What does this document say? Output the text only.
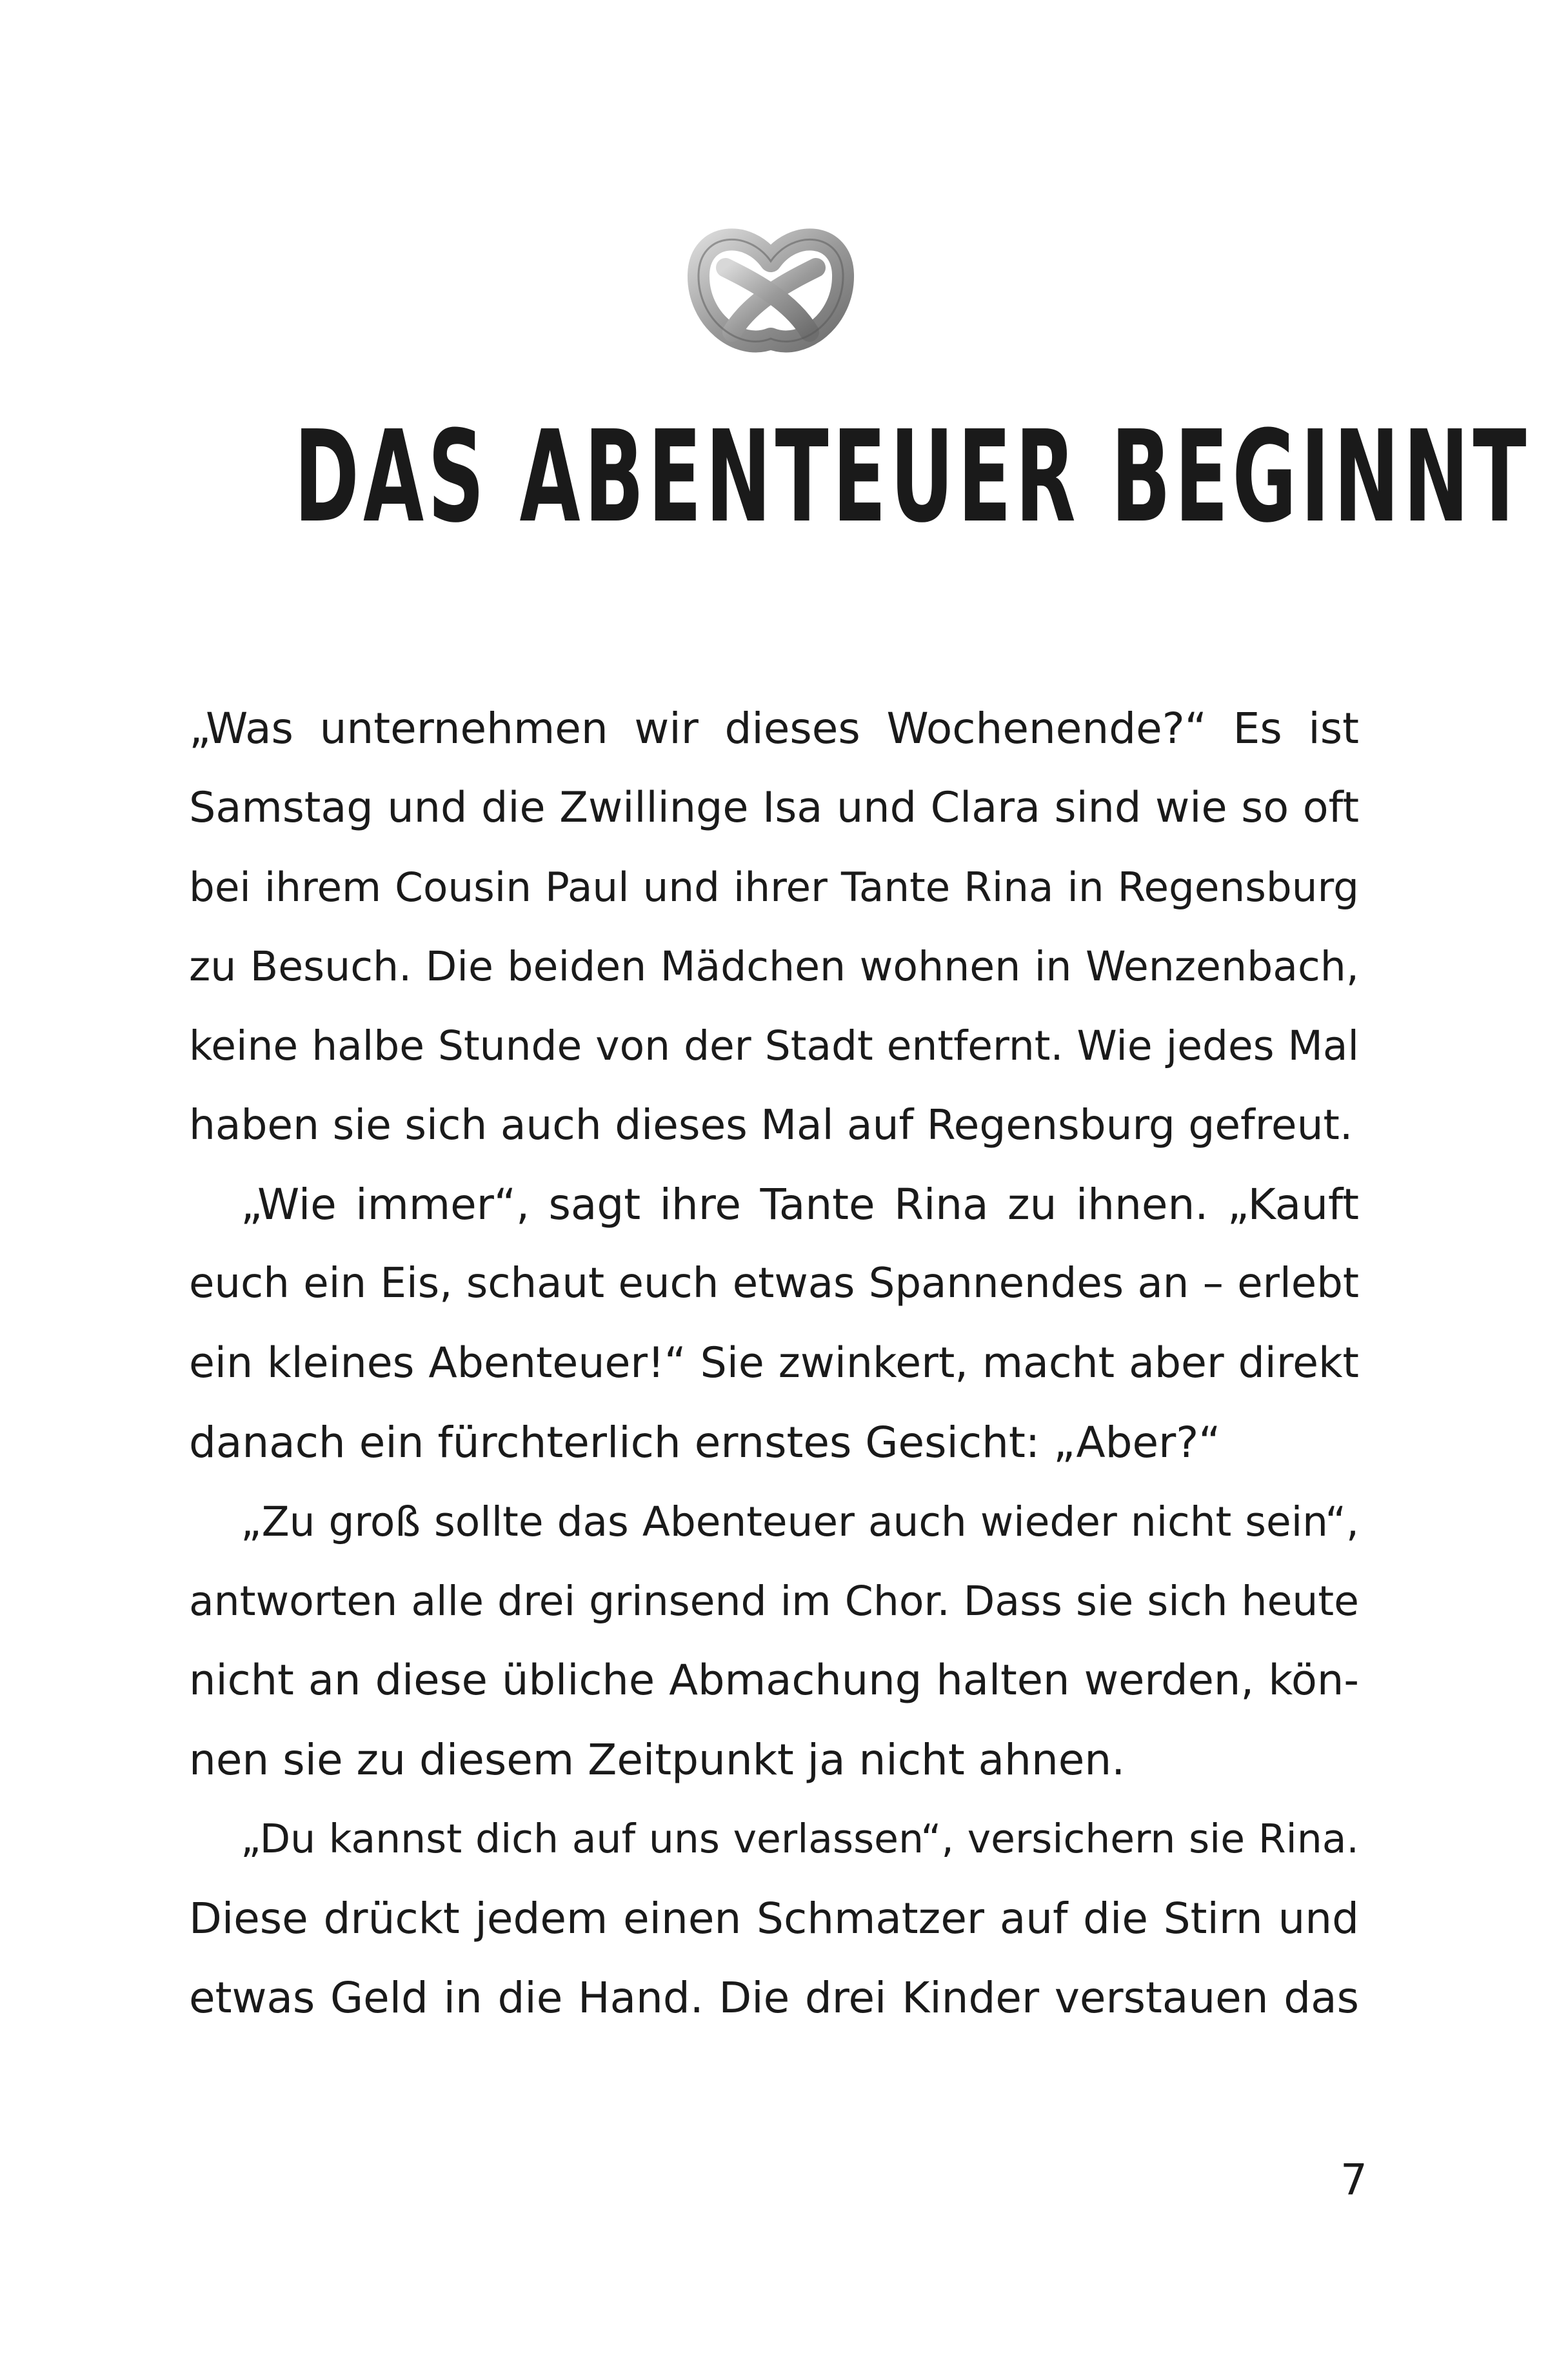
DAS ABENTEUER BEGINNT

„Was unternehmen wir dieses Wochenende?“ Es ist
Samstag und die Zwillinge Isa und Clara sind wie so oft
bei ihrem Cousin Paul und ihrer Tante Rina in Regensburg
zu Besuch. Die beiden Mädchen wohnen in Wenzenbach,
keine halbe Stunde von der Stadt entfernt. Wie jedes Mal
haben sie sich auch dieses Mal auf Regensburg gefreut.

„Wie immer“, sagt ihre Tante Rina zu ihnen. „Kauft
euch ein Eis, schaut euch etwas Spannendes an – erlebt
ein kleines Abenteuer!“ Sie zwinkert, macht aber direkt
danach ein fürchterlich ernstes Gesicht: „Aber?“

„Zu groß sollte das Abenteuer auch wieder nicht sein“,
antworten alle drei grinsend im Chor. Dass sie sich heute
nicht an diese übliche Abmachung halten werden, kön-
nen sie zu diesem Zeitpunkt ja nicht ahnen.

„Du kannst dich auf uns verlassen“, versichern sie Rina.
Diese drückt jedem einen Schmatzer auf die Stirn und
etwas Geld in die Hand. Die drei Kinder verstauen das

7
